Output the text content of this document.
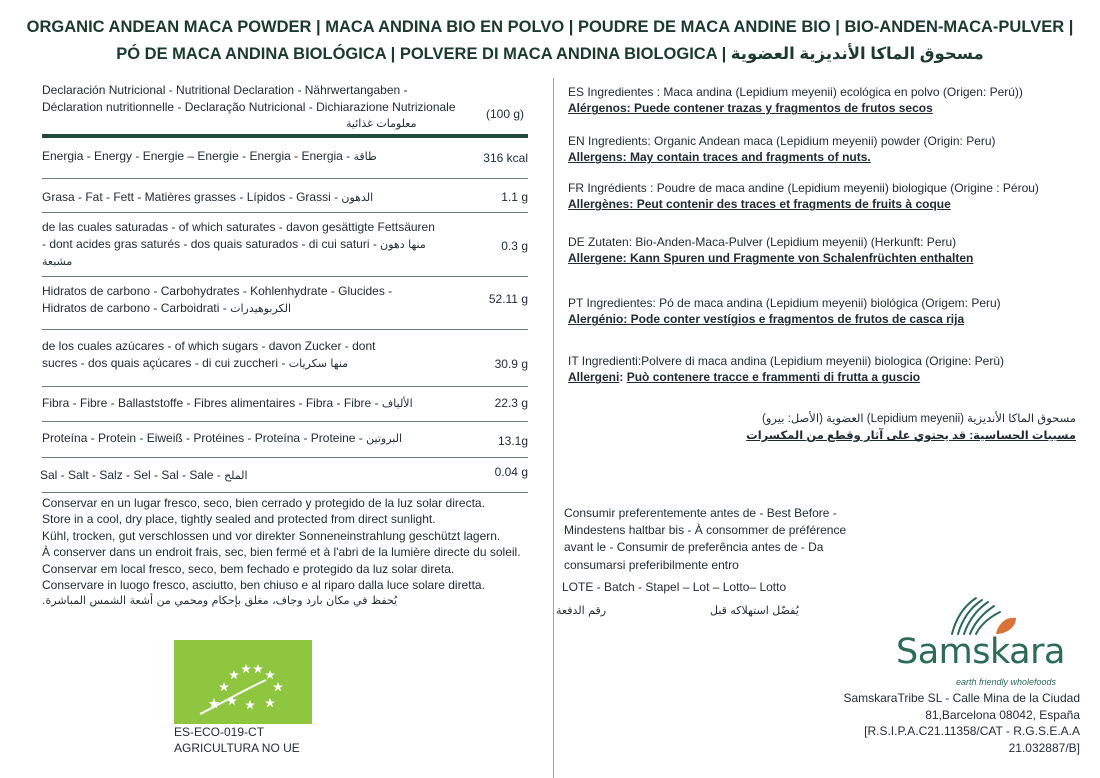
ORGANIC ANDEAN MACA POWDER | MACA ANDINA BIO EN POLVO | POUDRE DE MACA ANDINE BIO | BIO-ANDEN-MACA-PULVER |
PÓ DE MACA ANDINA BIOLÓGICA | POLVERE DI MACA ANDINA BIOLOGICA | مسحوق الماكا الأنديزية العضوية
Declaración Nutricional - Nutritional Declaration - Nährwertangaben - Déclaration nutritionnelle - Declaração Nutricional - Dichiarazione Nutrizionale
معلومات غذائية
(100 g)
Energia - Energy - Energie – Energie - Energia - Energia - طاقة	316 kcal
Grasa - Fat - Fett - Matières grasses - Lípidos - Grassi - الدهون	1.1 g
de las cuales saturadas - of which saturates - davon gesättigte Fettsäuren - dont acides gras saturés - dos quais saturados - di cui saturi - منها دهون مشبعة
0.3 g
Hidratos de carbono - Carbohydrates - Kohlenhydrate - Glucides - Hidratos de carbono - Carboidrati - الكربوهيدرات
52.11 g
de los cuales azúcares - of which sugars - davon Zucker - dont sucres - dos quais açúcares - di cui zuccheri - منها سكريات	30.9 g
Fibra - Fibre - Ballaststoffe - Fibres alimentaires - Fibra - Fibre - الألياف	22.3 g
Proteína - Protein - Eiweiß - Protéines - Proteína - Proteine - البروتين	13.1g
Sal - Salt - Salz - Sel - Sal - Sale - الملح	0.04 g
Conservar en un lugar fresco, seco, bien cerrado y protegido de la luz solar directa.
Store in a cool, dry place, tightly sealed and protected from direct sunlight.
Kühl, trocken, gut verschlossen und vor direkter Sonneneinstrahlung geschützt lagern.
À conserver dans un endroit frais, sec, bien fermé et à l'abri de la lumière directe du soleil.
Conservar em local fresco, seco, bem fechado e protegido da luz solar direta.
Conservare in luogo fresco, asciutto, ben chiuso e al riparo dalla luce solare diretta.
يُحفظ في مكان بارد وجاف، مغلق بإحكام ومحمي من أشعة الشمس المباشرة.
ES-ECO-019-CT
AGRICULTURA NO UE
ES Ingredientes : Maca andina (Lepidium meyenii) ecológica en polvo (Origen: Perú))
Alérgenos: Puede contener trazas y fragmentos de frutos secos
EN Ingredients: Organic Andean maca (Lepidium meyenii) powder (Origin: Peru)
Allergens: May contain traces and fragments of nuts.
FR Ingrédients : Poudre de maca andine (Lepidium meyenii) biologique (Origine : Pérou)
Allergènes: Peut contenir des traces et fragments de fruits à coque
DE Zutaten: Bio-Anden-Maca-Pulver (Lepidium meyenii) (Herkunft: Peru)
Allergene: Kann Spuren und Fragmente von Schalenfrüchten enthalten
PT Ingredientes: Pó de maca andina (Lepidium meyenii) biológica (Origem: Peru)
Alergénio: Pode conter vestígios e fragmentos de frutos de casca rija
IT Ingredienti:Polvere di maca andina (Lepidium meyenii) biologica (Origine: Perù)
Allergeni: Può contenere tracce e frammenti di frutta a guscio
مسحوق الماكا الأنديزية (Lepidium meyenii) العضوية (الأصل: بيرو)
مسببات الحساسية: قد يحتوي على آثار وقطع من المكسرات
Consumir preferentemente antes de - Best Before - Mindestens haltbar bis - À consommer de préférence avant le - Consumir de preferência antes de - Da consumarsi preferibilmente entro
LOTE - Batch - Stapel – Lot – Lotto– Lotto
رقم الدفعة	يُفضّل استهلاكه قبل
Samskara
earth friendly wholefoods
SamskaraTribe SL - Calle Mina de la Ciudad 81,Barcelona 08042, España [R.S.I.P.A.C21.11358/CAT - R.G.S.E.A.A 21.032887/B]
